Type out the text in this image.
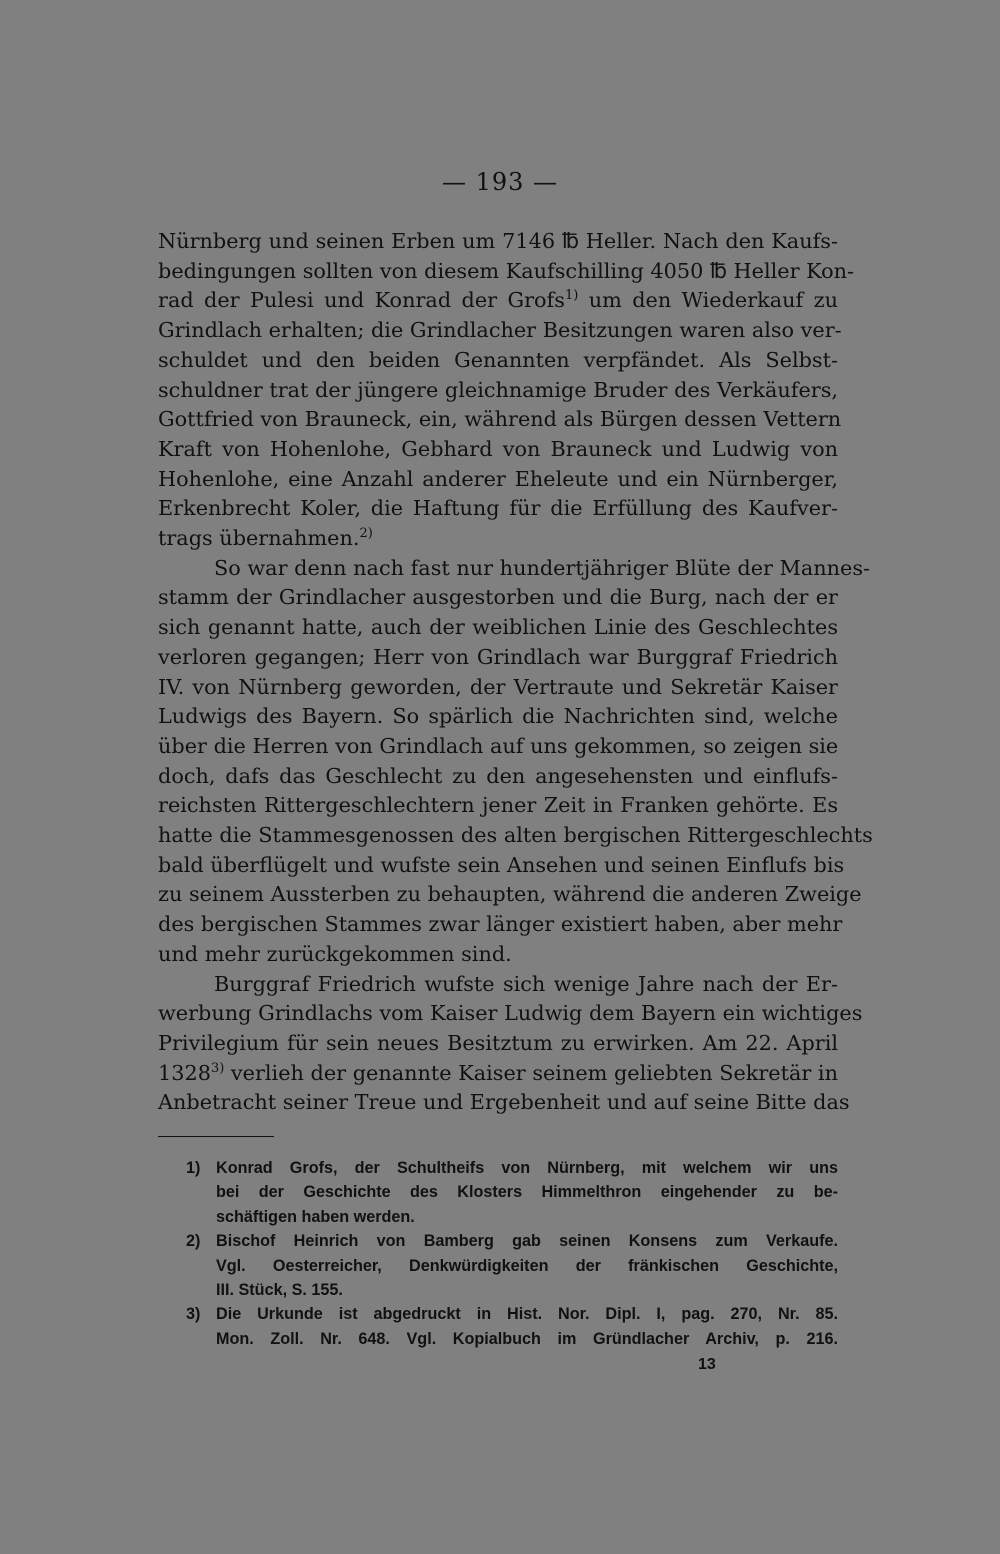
— 193 —
Nürnberg und seinen Erben um 7146 ℔ Heller. Nach den Kaufs-
bedingungen sollten von diesem Kaufschilling 4050 ℔ Heller Kon-
rad der Pulesi und Konrad der Grofs$^{1)}$ um den Wiederkauf zu
Grindlach erhalten; die Grindlacher Besitzungen waren also ver-
schuldet und den beiden Genannten verpfändet. Als Selbst-
schuldner trat der jüngere gleichnamige Bruder des Verkäufers,
Gottfried von Brauneck, ein, während als Bürgen dessen Vettern
Kraft von Hohenlohe, Gebhard von Brauneck und Ludwig von
Hohenlohe, eine Anzahl anderer Eheleute und ein Nürnberger,
Erkenbrecht Koler, die Haftung für die Erfüllung des Kaufver-
trags übernahmen.$^{2)}$
So war denn nach fast nur hundertjähriger Blüte der Mannes-
stamm der Grindlacher ausgestorben und die Burg, nach der er
sich genannt hatte, auch der weiblichen Linie des Geschlechtes
verloren gegangen; Herr von Grindlach war Burggraf Friedrich
IV. von Nürnberg geworden, der Vertraute und Sekretär Kaiser
Ludwigs des Bayern. So spärlich die Nachrichten sind, welche
über die Herren von Grindlach auf uns gekommen, so zeigen sie
doch, dafs das Geschlecht zu den angesehensten und einflufs-
reichsten Rittergeschlechtern jener Zeit in Franken gehörte. Es
hatte die Stammesgenossen des alten bergischen Rittergeschlechts
bald überflügelt und wufste sein Ansehen und seinen Einflufs bis
zu seinem Aussterben zu behaupten, während die anderen Zweige
des bergischen Stammes zwar länger existiert haben, aber mehr
und mehr zurückgekommen sind.
Burggraf Friedrich wufste sich wenige Jahre nach der Er-
werbung Grindlachs vom Kaiser Ludwig dem Bayern ein wichtiges
Privilegium für sein neues Besitztum zu erwirken. Am 22. April
1328$^{3)}$ verlieh der genannte Kaiser seinem geliebten Sekretär in
Anbetracht seiner Treue und Ergebenheit und auf seine Bitte das
1) Konrad Grofs, der Schultheifs von Nürnberg, mit welchem wir uns
bei der Geschichte des Klosters Himmelthron eingehender zu be-
schäftigen haben werden.
2) Bischof Heinrich von Bamberg gab seinen Konsens zum Verkaufe.
Vgl. Oesterreicher, Denkwürdigkeiten der fränkischen Geschichte,
III. Stück, S. 155.
3) Die Urkunde ist abgedruckt in Hist. Nor. Dipl. I, pag. 270, Nr. 85.
Mon. Zoll. Nr. 648. Vgl. Kopialbuch im Gründlacher Archiv, p. 216.
13
